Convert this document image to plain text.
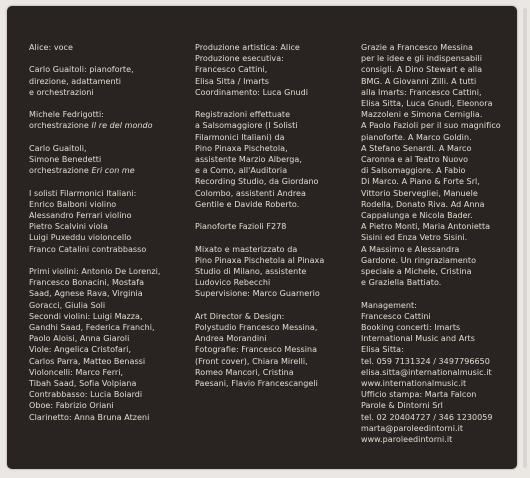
Alice: voce
Carlo Guaitoli: pianoforte,
direzione, adattamenti
e orchestrazioni
Michele Fedrigotti:
orchestrazione Il re del mondo
Carlo Guaitoli,
Simone Benedetti
orchestrazione Eri con me
I solisti Filarmonici Italiani:
Enrico Balboni violino
Alessandro Ferrari violino
Pietro Scalvini viola
Luigi Puxeddu violoncello
Franco Catalini contrabbasso
Primi violini: Antonio De Lorenzi,
Francesco Bonacini, Mostafa
Saad, Agnese Rava, Virginia
Goracci, Giulia Soli
Secondi violini: Luigi Mazza,
Gandhi Saad, Federica Franchi,
Paolo Aloisi, Anna Giaroli
Viole: Angelica Cristofari,
Carlos Parra, Matteo Benassi
Violoncelli: Marco Ferri,
Tibah Saad, Sofia Volpiana
Contrabbasso: Lucia Boiardi
Oboe: Fabrizio Oriani
Clarinetto: Anna Bruna Atzeni
Produzione artistica: Alice
Produzione esecutiva:
Francesco Cattini,
Elisa Sitta / Imarts
Coordinamento: Luca Gnudi
Registrazioni effettuate
a Salsomaggiore (I Solisti
Filarmonici Italiani) da
Pino Pinaxa Pischetola,
assistente Marzio Alberga,
e a Como, all'Auditoria
Recording Studio, da Giordano
Colombo, assistenti Andrea
Gentile e Davide Roberto.
Pianoforte Fazioli F278
Mixato e masterizzato da
Pino Pinaxa Pischetola al Pinaxa
Studio di Milano, assistente
Ludovico Rebecchi
Supervisione: Marco Guarnerio
Art Director & Design:
Polystudio Francesco Messina,
Andrea Morandini
Fotografie: Francesco Messina
(Front cover), Chiara Mirelli,
Romeo Mancori, Cristina
Paesani, Flavio Francescangeli
Grazie a Francesco Messina
per le idee e gli indispensabili
consigli. A Dino Stewart e alla
BMG. A Giovanni Zilli. A tutti
alla Imarts: Francesco Cattini,
Elisa Sitta, Luca Gnudi, Eleonora
Mazzoleni e Simona Cerniglia.
A Paolo Fazioli per il suo magnifico
pianoforte. A Marco Goldin.
A Stefano Senardi. A Marco
Caronna e al Teatro Nuovo
di Salsomaggiore. A Fabio
Di Marco. A Piano & Forte Srl,
Vittorio Sbervegliei, Manuele
Rodella, Donato Riva. Ad Anna
Cappalunga e Nicola Bader.
A Pietro Monti, Maria Antonietta
Sisini ed Enza Vetro Sisini.
A Massimo e Alessandra
Gardone. Un ringraziamento
speciale a Michele, Cristina
e Graziella Battiato.
Management:
Francesco Cattini
Booking concerti: Imarts
International Music and Arts
Elisa Sitta:
tel. 059 7131324 / 3497796650
elisa.sitta@internationalmusic.it
www.internationalmusic.it
Ufficio stampa: Marta Falcon
Parole & Dintorni Srl
tel. 02 20404727 / 346 1230059
marta@paroleedintorni.it
www.paroleedintorni.it
